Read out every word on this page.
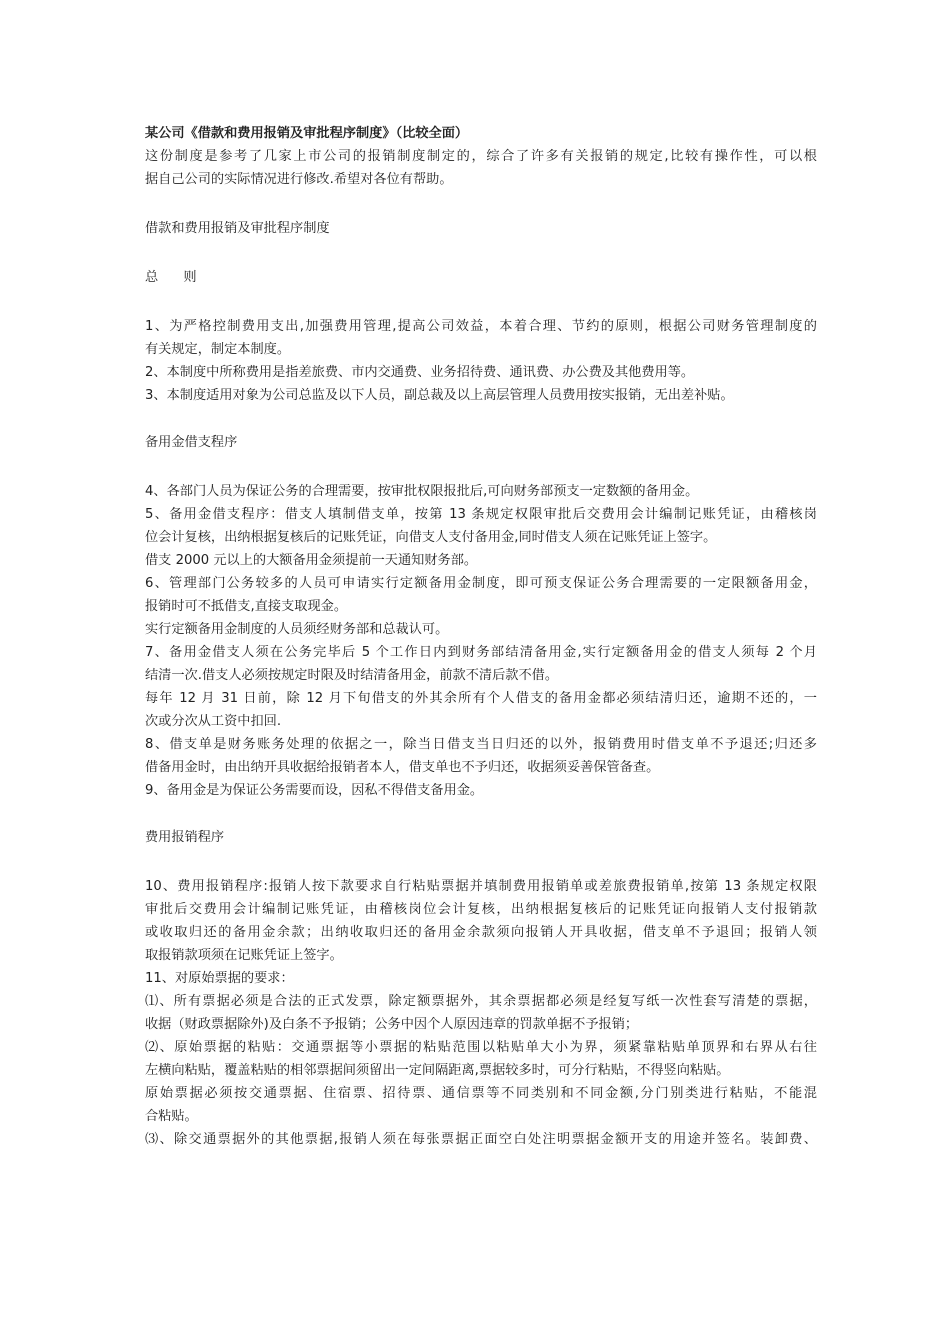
某公司《借款和费用报销及审批程序制度》（比较全面）
这份制度是参考了几家上市公司的报销制度制定的，综合了许多有关报销的规定,比较有操作性，可以根
据自己公司的实际情况进行修改.希望对各位有帮助。
借款和费用报销及审批程序制度
总      则
1、为严格控制费用支出,加强费用管理,提高公司效益，本着合理、节约的原则，根据公司财务管理制度的
有关规定，制定本制度。
2、本制度中所称费用是指差旅费、市内交通费、业务招待费、通讯费、办公费及其他费用等。
3、本制度适用对象为公司总监及以下人员，副总裁及以上高层管理人员费用按实报销，无出差补贴。
备用金借支程序
4、各部门人员为保证公务的合理需要，按审批权限报批后,可向财务部预支一定数额的备用金。
5、备用金借支程序：借支人填制借支单，按第 13 条规定权限审批后交费用会计编制记账凭证，由稽核岗
位会计复核，出纳根据复核后的记账凭证，向借支人支付备用金,同时借支人须在记账凭证上签字。
借支 2000 元以上的大额备用金须提前一天通知财务部。
6、管理部门公务较多的人员可申请实行定额备用金制度，即可预支保证公务合理需要的一定限额备用金，
报销时可不抵借支,直接支取现金。
实行定额备用金制度的人员须经财务部和总裁认可。
7、备用金借支人须在公务完毕后 5 个工作日内到财务部结清备用金,实行定额备用金的借支人须每 2 个月
结清一次.借支人必须按规定时限及时结清备用金，前款不清后款不借。
每年 12 月 31 日前，除 12 月下旬借支的外其余所有个人借支的备用金都必须结清归还，逾期不还的，一
次或分次从工资中扣回.
8、借支单是财务账务处理的依据之一，除当日借支当日归还的以外，报销费用时借支单不予退还;归还多
借备用金时，由出纳开具收据给报销者本人，借支单也不予归还，收据须妥善保管备查。
9、备用金是为保证公务需要而设，因私不得借支备用金。
费用报销程序
10、费用报销程序:报销人按下款要求自行粘贴票据并填制费用报销单或差旅费报销单,按第 13 条规定权限
审批后交费用会计编制记账凭证，由稽核岗位会计复核，出纳根据复核后的记账凭证向报销人支付报销款
或收取归还的备用金余款；出纳收取归还的备用金余款须向报销人开具收据，借支单不予退回；报销人领
取报销款项须在记账凭证上签字。
11、对原始票据的要求：
⑴、所有票据必须是合法的正式发票，除定额票据外，其余票据都必须是经复写纸一次性套写清楚的票据，
收据（财政票据除外)及白条不予报销；公务中因个人原因违章的罚款单据不予报销；
⑵、原始票据的粘贴：交通票据等小票据的粘贴范围以粘贴单大小为界，须紧靠粘贴单顶界和右界从右往
左横向粘贴，覆盖粘贴的相邻票据间须留出一定间隔距离,票据较多时，可分行粘贴，不得竖向粘贴。
原始票据必须按交通票据、住宿票、招待票、通信票等不同类别和不同金额,分门别类进行粘贴，不能混
合粘贴。
⑶、除交通票据外的其他票据,报销人须在每张票据正面空白处注明票据金额开支的用途并签名。装卸费、
